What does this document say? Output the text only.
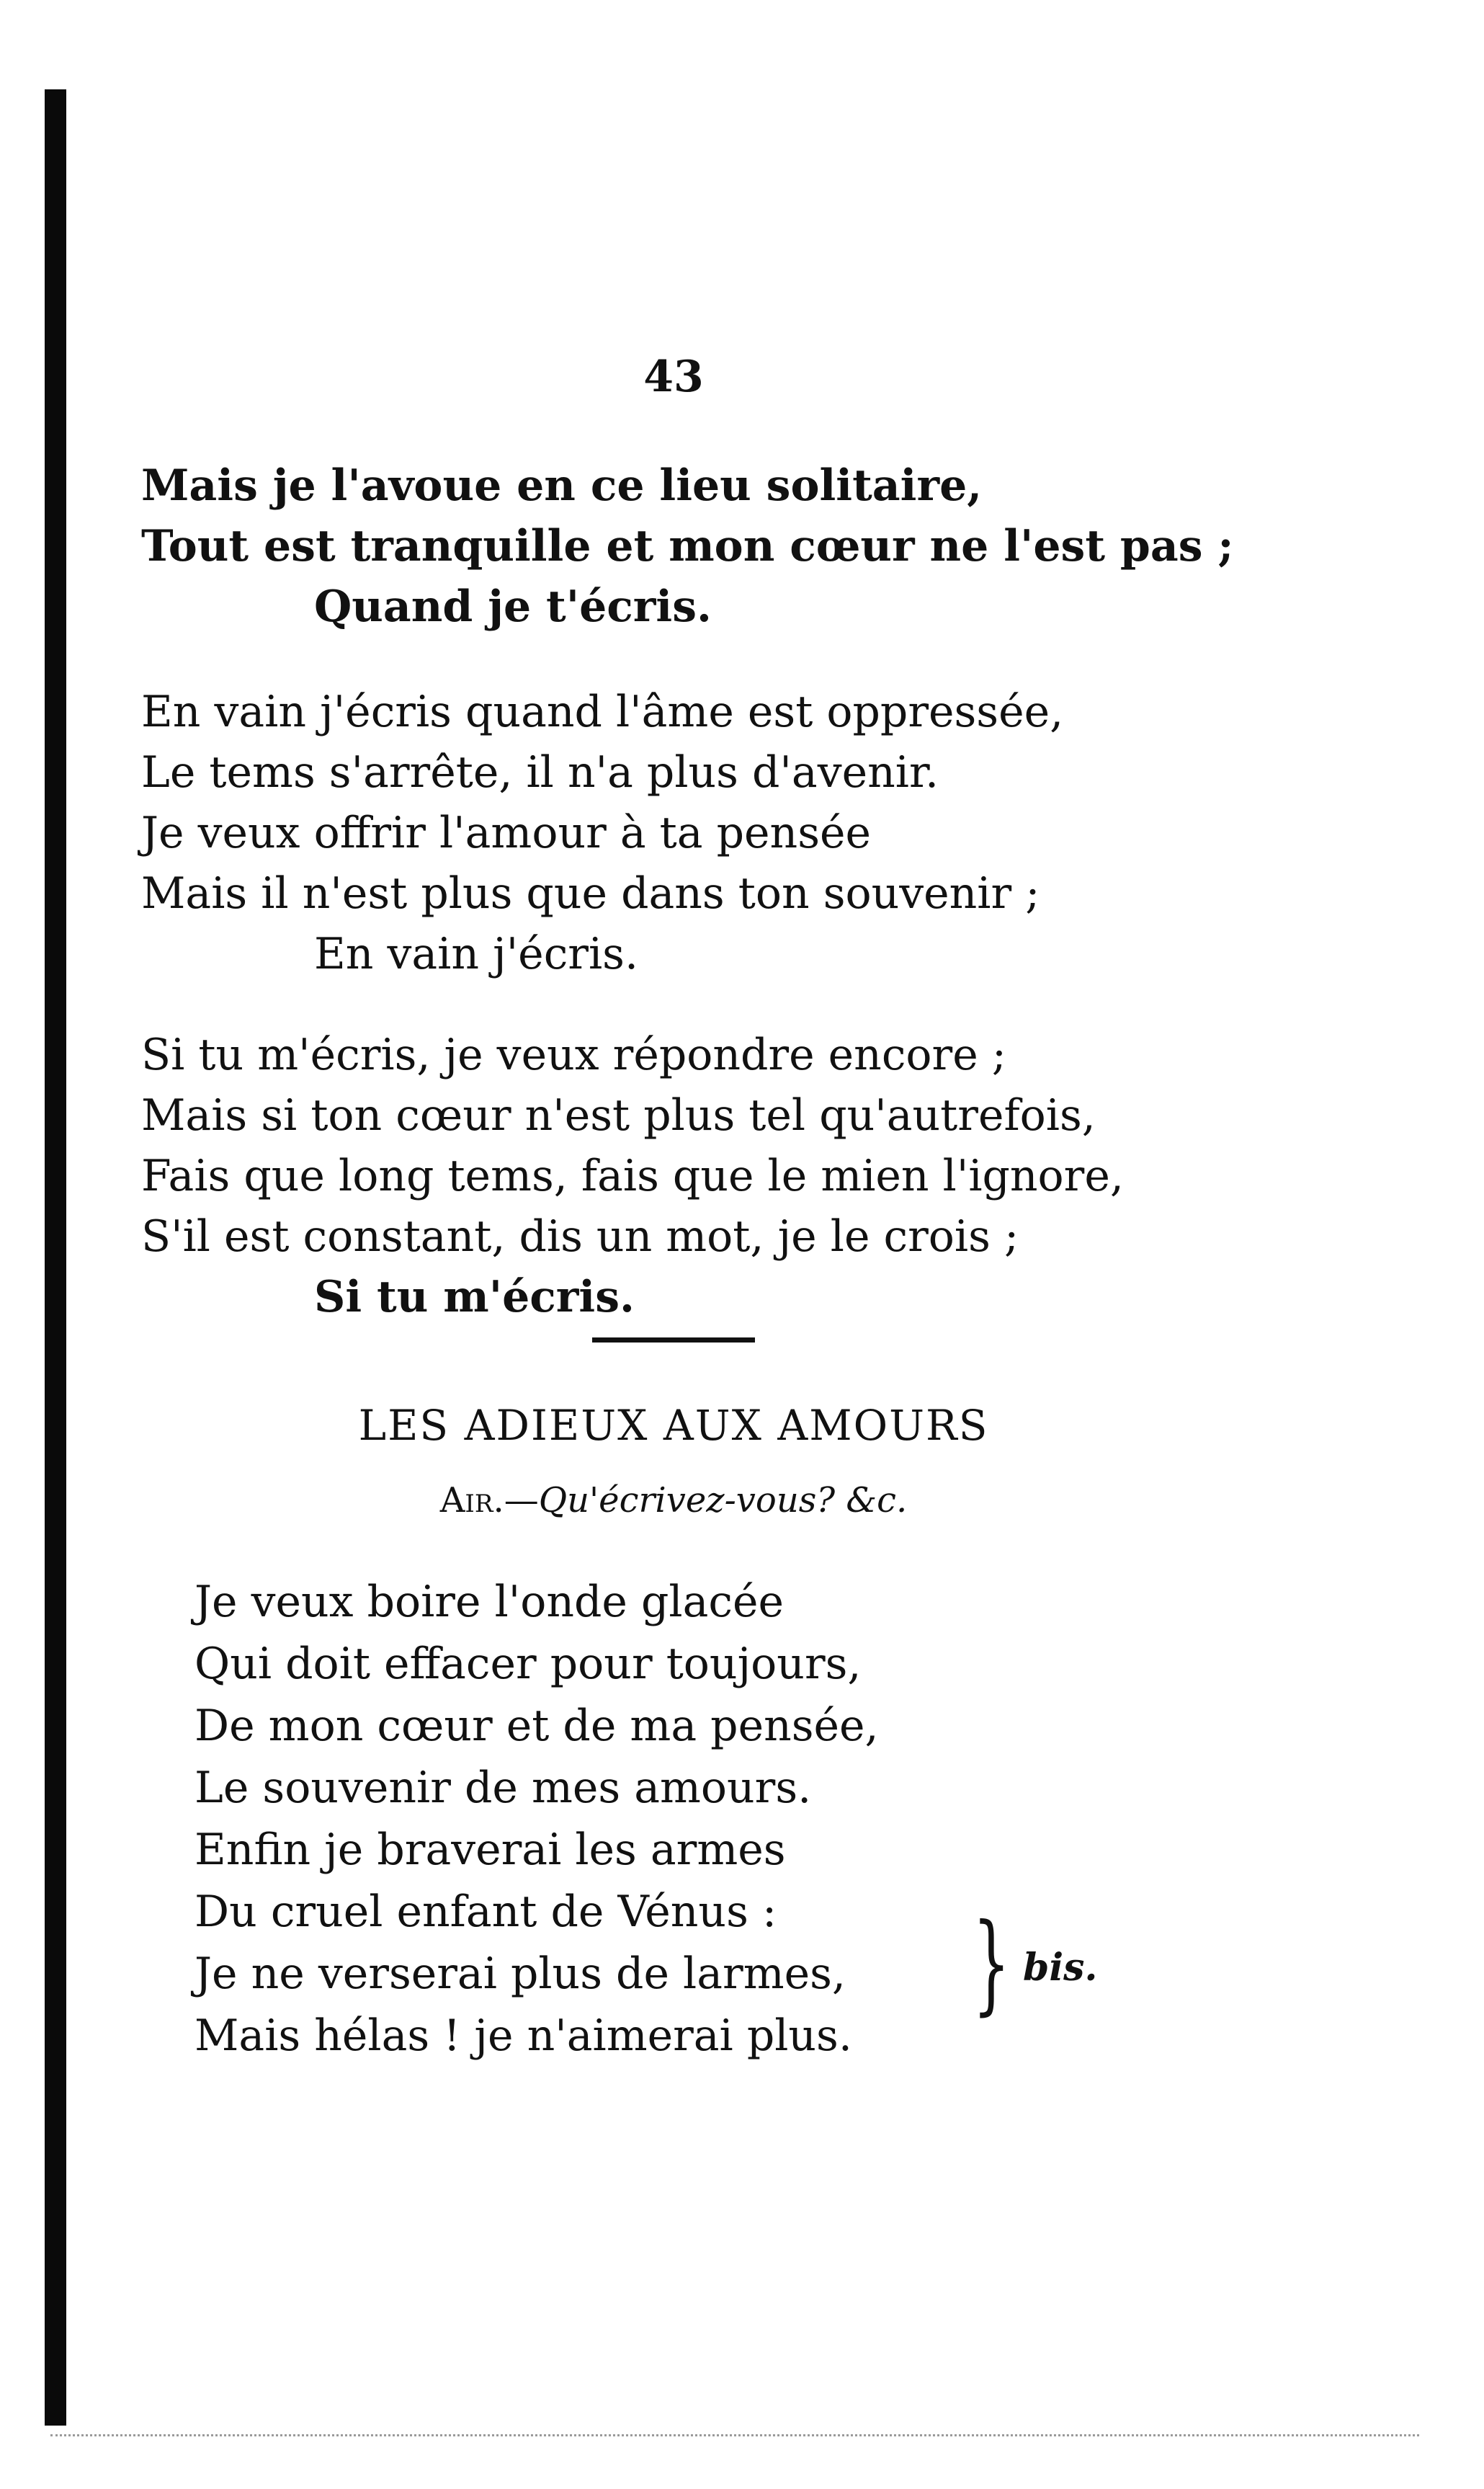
43
Mais je l'avoue en ce lieu solitaire,
Tout est tranquille et mon cœur ne l'est pas ;
Quand je t'écris.
En vain j'écris quand l'âme est oppressée,
Le tems s'arrête, il n'a plus d'avenir.
Je veux offrir l'amour à ta pensée
Mais il n'est plus que dans ton souvenir ;
En vain j'écris.
Si tu m'écris, je veux répondre encore ;
Mais si ton cœur n'est plus tel qu'autrefois,
Fais que long tems, fais que le mien l'ignore,
S'il est constant, dis un mot, je le crois ;
Si tu m'écris.
LES ADIEUX AUX AMOURS
Air.—Qu'écrivez-vous? &c.
Je veux boire l'onde glacée
Qui doit effacer pour toujours,
De mon cœur et de ma pensée,
Le souvenir de mes amours.
Enfin je braverai les armes
Du cruel enfant de Vénus :
Je ne verserai plus de larmes,
Mais hélas ! je n'aimerai plus.
} bis.
